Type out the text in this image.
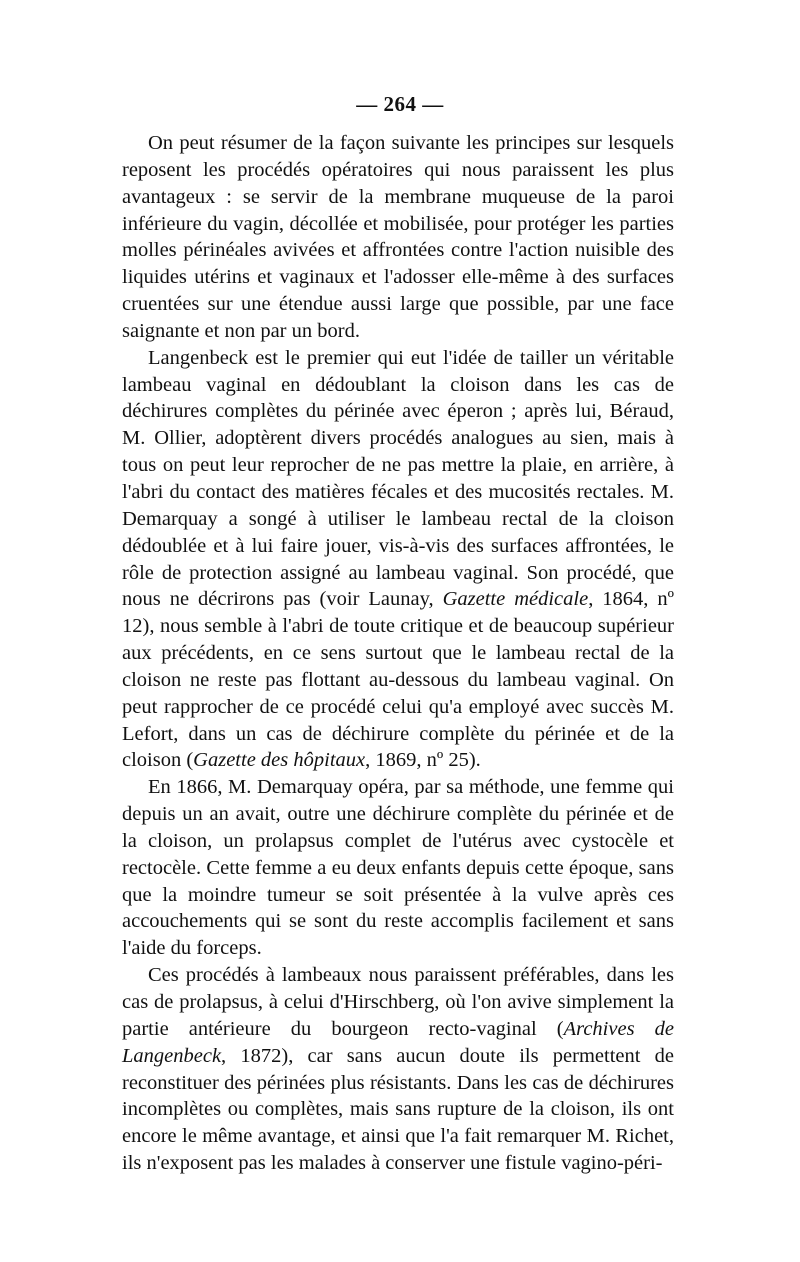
— 264 —

On peut résumer de la façon suivante les principes sur lesquels reposent les procédés opératoires qui nous paraissent les plus avantageux : se servir de la membrane muqueuse de la paroi inférieure du vagin, décollée et mobilisée, pour protéger les parties molles périnéales avivées et affrontées contre l'action nuisible des liquides utérins et vaginaux et l'adosser elle-même à des surfaces cruentées sur une étendue aussi large que possible, par une face saignante et non par un bord.

Langenbeck est le premier qui eut l'idée de tailler un véritable lambeau vaginal en dédoublant la cloison dans les cas de déchirures complètes du périnée avec éperon ; après lui, Béraud, M. Ollier, adoptèrent divers procédés analogues au sien, mais à tous on peut leur reprocher de ne pas mettre la plaie, en arrière, à l'abri du contact des matières fécales et des mucosités rectales. M. Demarquay a songé à utiliser le lambeau rectal de la cloison dédoublée et à lui faire jouer, vis-à-vis des surfaces affrontées, le rôle de protection assigné au lambeau vaginal. Son procédé, que nous ne décrirons pas (voir Launay, Gazette médicale, 1864, nº 12), nous semble à l'abri de toute critique et de beaucoup supérieur aux précédents, en ce sens surtout que le lambeau rectal de la cloison ne reste pas flottant au-dessous du lambeau vaginal. On peut rapprocher de ce procédé celui qu'a employé avec succès M. Lefort, dans un cas de déchirure complète du périnée et de la cloison (Gazette des hôpitaux, 1869, nº 25).

En 1866, M. Demarquay opéra, par sa méthode, une femme qui depuis un an avait, outre une déchirure complète du périnée et de la cloison, un prolapsus complet de l'utérus avec cystocèle et rectocèle. Cette femme a eu deux enfants depuis cette époque, sans que la moindre tumeur se soit présentée à la vulve après ces accouchements qui se sont du reste accomplis facilement et sans l'aide du forceps.

Ces procédés à lambeaux nous paraissent préférables, dans les cas de prolapsus, à celui d'Hirschberg, où l'on avive simplement la partie antérieure du bourgeon recto-vaginal (Archives de Langenbeck, 1872), car sans aucun doute ils permettent de reconstituer des périnées plus résistants. Dans les cas de déchirures incomplètes ou complètes, mais sans rupture de la cloison, ils ont encore le même avantage, et ainsi que l'a fait remarquer M. Richet, ils n'exposent pas les malades à conserver une fistule vagino-péri-
